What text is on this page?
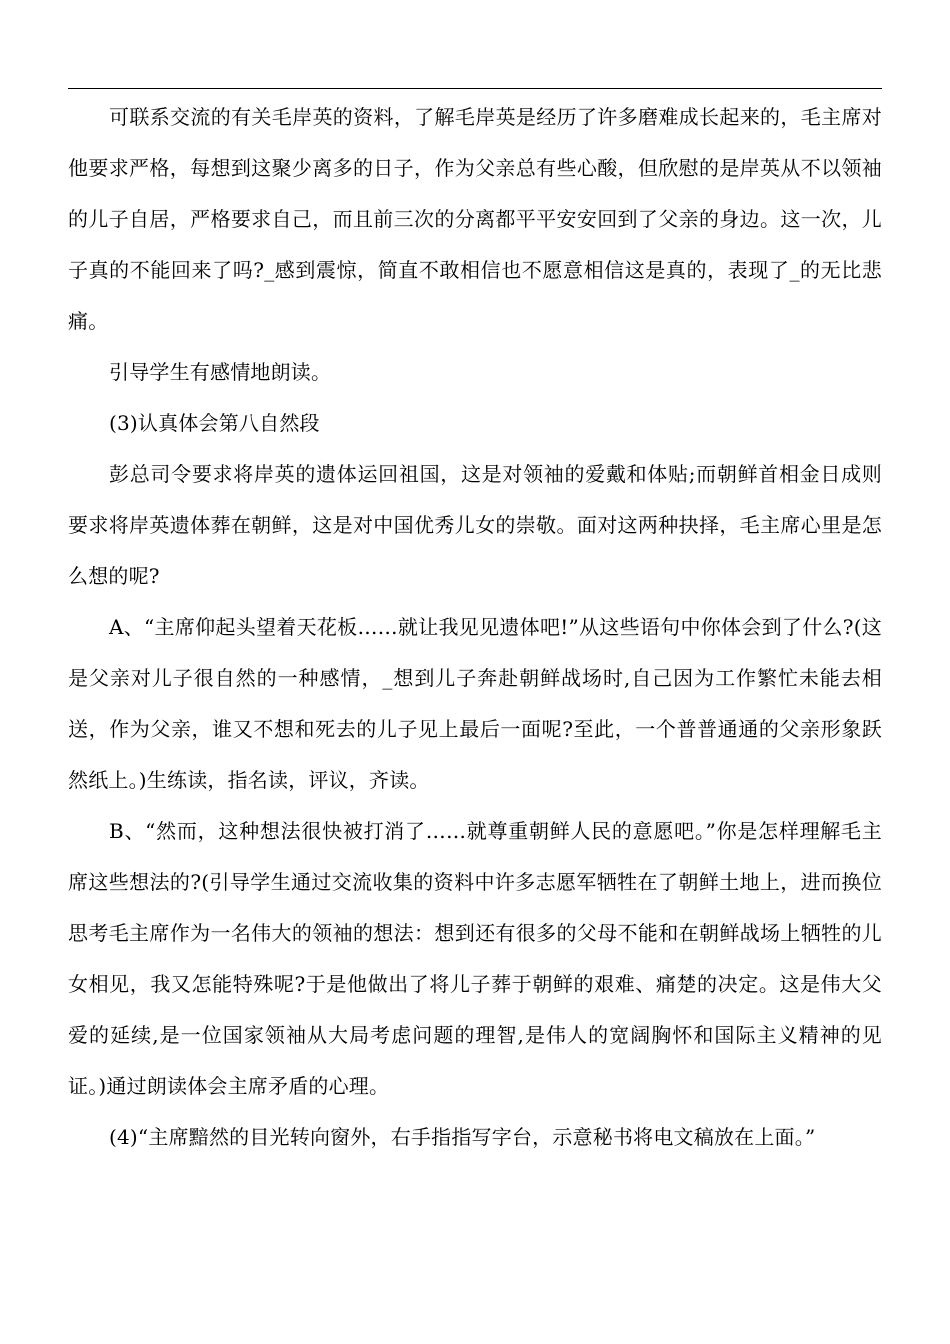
可联系交流的有关毛岸英的资料，了解毛岸英是经历了许多磨难成长起来的，毛主席对他要求严格，每想到这聚少离多的日子，作为父亲总有些心酸，但欣慰的是岸英从不以领袖的儿子自居，严格要求自己，而且前三次的分离都平平安安回到了父亲的身边。这一次，儿子真的不能回来了吗?_感到震惊，简直不敢相信也不愿意相信这是真的，表现了_的无比悲痛。

引导学生有感情地朗读。

(3)认真体会第八自然段

彭总司令要求将岸英的遗体运回祖国，这是对领袖的爱戴和体贴;而朝鲜首相金日成则要求将岸英遗体葬在朝鲜，这是对中国优秀儿女的崇敬。面对这两种抉择，毛主席心里是怎么想的呢?

A、“主席仰起头望着天花板……就让我见见遗体吧!”从这些语句中你体会到了什么?(这是父亲对儿子很自然的一种感情，_想到儿子奔赴朝鲜战场时,自己因为工作繁忙未能去相送，作为父亲，谁又不想和死去的儿子见上最后一面呢?至此，一个普普通通的父亲形象跃然纸上。)生练读，指名读，评议，齐读。

B、“然而，这种想法很快被打消了……就尊重朝鲜人民的意愿吧。”你是怎样理解毛主席这些想法的?(引导学生通过交流收集的资料中许多志愿军牺牲在了朝鲜土地上，进而换位思考毛主席作为一名伟大的领袖的想法：想到还有很多的父母不能和在朝鲜战场上牺牲的儿女相见，我又怎能特殊呢?于是他做出了将儿子葬于朝鲜的艰难、痛楚的决定。这是伟大父爱的延续,是一位国家领袖从大局考虑问题的理智,是伟人的宽阔胸怀和国际主义精神的见证。)通过朗读体会主席矛盾的心理。

(4)“主席黯然的目光转向窗外，右手指指写字台，示意秘书将电文稿放在上面。”
